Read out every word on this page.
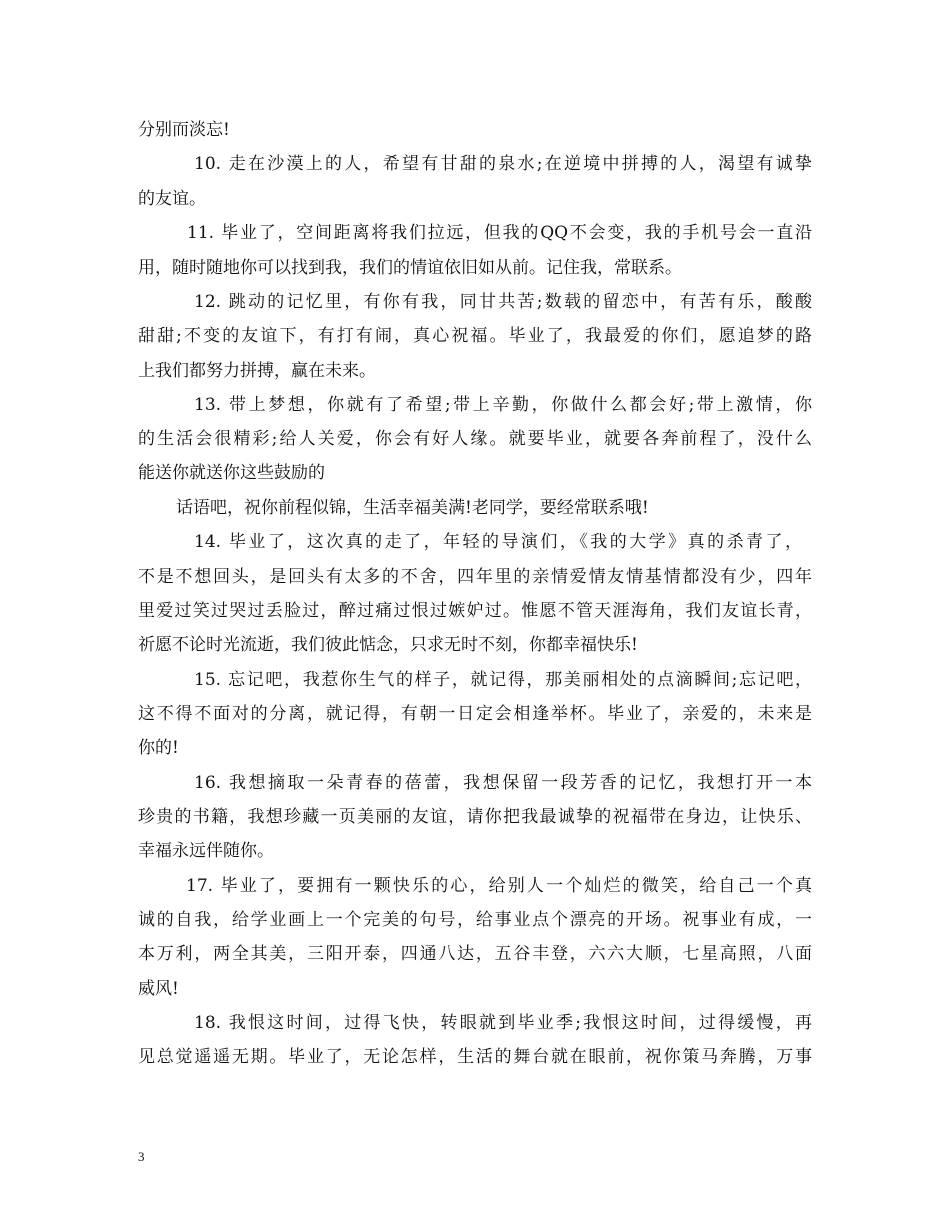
分别而淡忘!
10. 走在沙漠上的人，希望有甘甜的泉水;在逆境中拼搏的人，渴望有诚挚
的友谊。
11. 毕业了，空间距离将我们拉远，但我的QQ不会变，我的手机号会一直沿
用，随时随地你可以找到我，我们的情谊依旧如从前。记住我，常联系。
12. 跳动的记忆里，有你有我，同甘共苦;数载的留恋中，有苦有乐，酸酸
甜甜;不变的友谊下，有打有闹，真心祝福。毕业了，我最爱的你们，愿追梦的路
上我们都努力拼搏，赢在未来。
13. 带上梦想，你就有了希望;带上辛勤，你做什么都会好;带上激情，你
的生活会很精彩;给人关爱，你会有好人缘。就要毕业，就要各奔前程了，没什么
能送你就送你这些鼓励的
话语吧，祝你前程似锦，生活幸福美满!老同学，要经常联系哦!
14. 毕业了，这次真的走了，年轻的导演们，《我的大学》真的杀青了，
不是不想回头，是回头有太多的不舍，四年里的亲情爱情友情基情都没有少，四年
里爱过笑过哭过丢脸过，醉过痛过恨过嫉妒过。惟愿不管天涯海角，我们友谊长青，
祈愿不论时光流逝，我们彼此惦念，只求无时不刻，你都幸福快乐!
15. 忘记吧，我惹你生气的样子，就记得，那美丽相处的点滴瞬间;忘记吧，
这不得不面对的分离，就记得，有朝一日定会相逢举杯。毕业了，亲爱的，未来是
你的!
16. 我想摘取一朵青春的蓓蕾，我想保留一段芳香的记忆，我想打开一本
珍贵的书籍，我想珍藏一页美丽的友谊，请你把我最诚挚的祝福带在身边，让快乐、
幸福永远伴随你。
17. 毕业了，要拥有一颗快乐的心，给别人一个灿烂的微笑，给自己一个真
诚的自我，给学业画上一个完美的句号，给事业点个漂亮的开场。祝事业有成，一
本万利，两全其美，三阳开泰，四通八达，五谷丰登，六六大顺，七星高照，八面
威风!
18. 我恨这时间，过得飞快，转眼就到毕业季;我恨这时间，过得缓慢，再
见总觉遥遥无期。毕业了，无论怎样，生活的舞台就在眼前，祝你策马奔腾，万事
3
